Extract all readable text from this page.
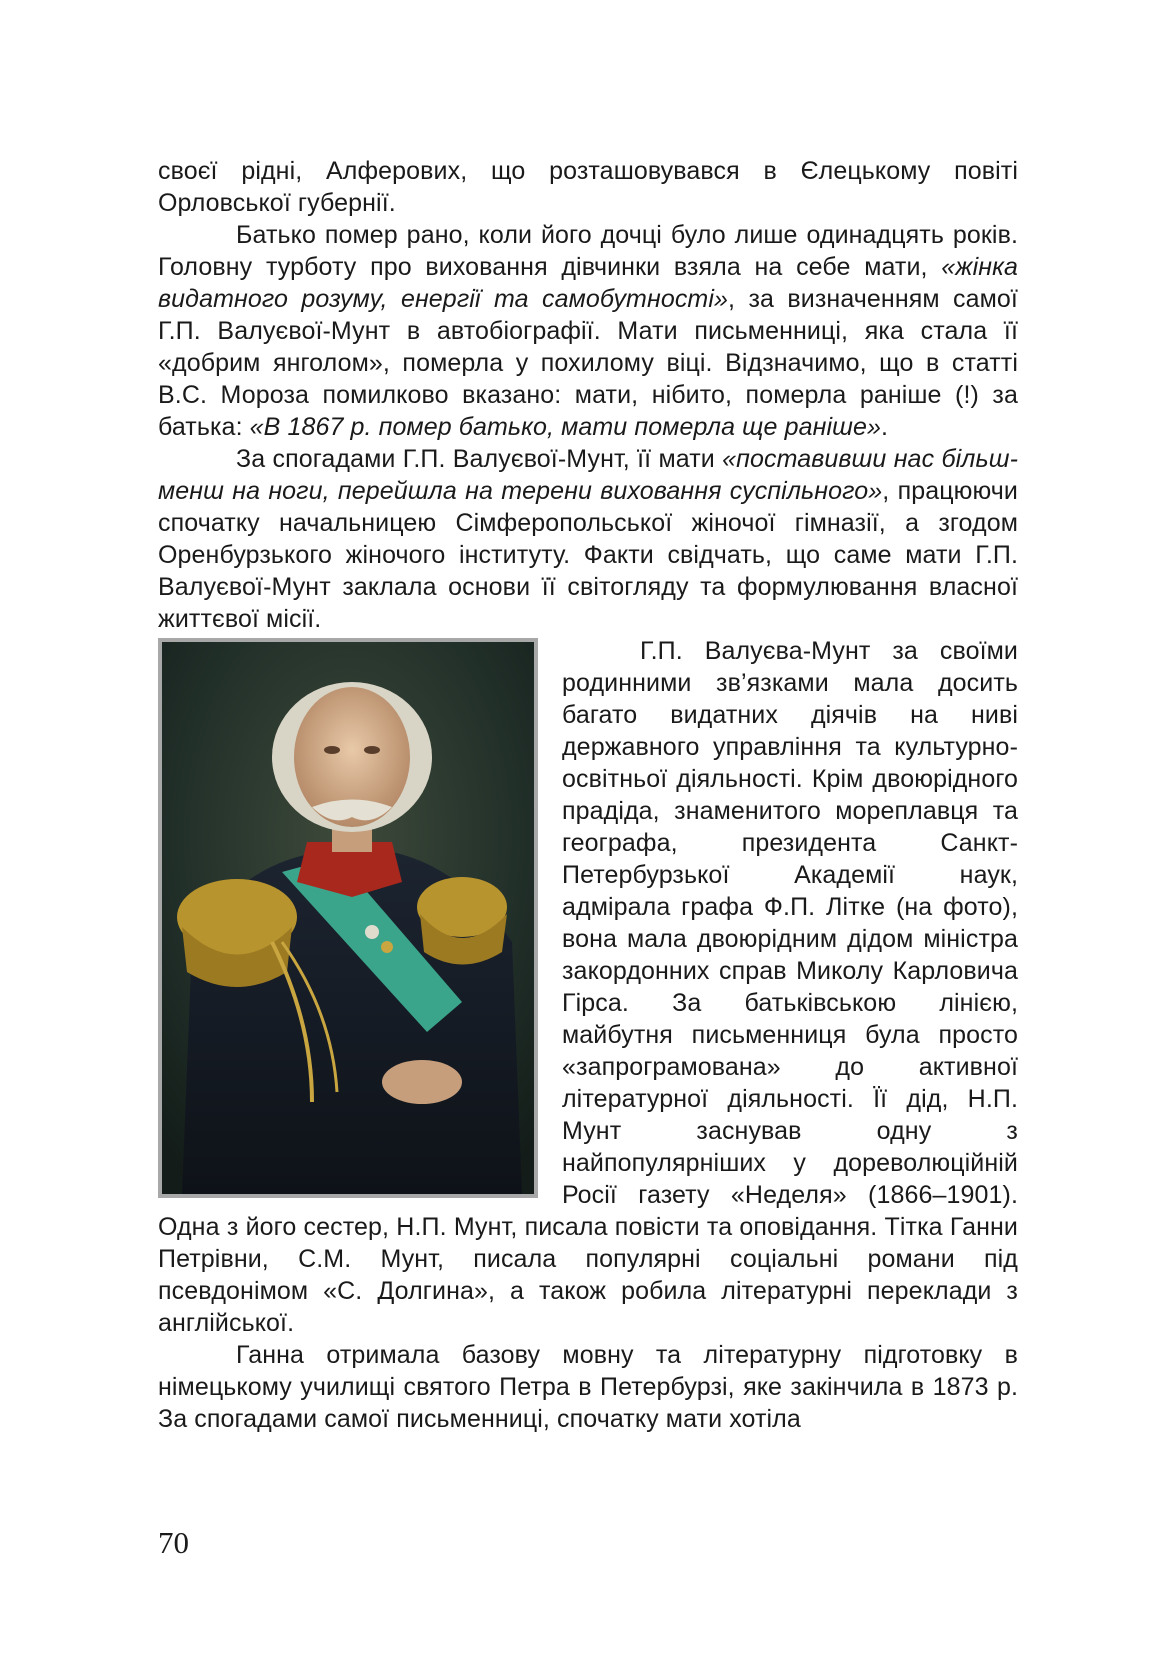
своєї рідні, Алферових, що розташовувався в Єлецькому повіті Орловської губернії.

Батько помер рано, коли його дочці було лише одинадцять років. Головну турботу про виховання дівчинки взяла на себе мати, «жінка видатного розуму, енергії та самобутності», за визначенням самої Г.П. Валуєвої-Мунт в автобіографії. Мати письменниці, яка стала її «добрим янголом», померла у похилому віці. Відзначимо, що в статті В.С. Мороза помилково вказано: мати, нібито, померла раніше (!) за батька: «В 1867 р. помер батько, мати померла ще раніше».

За спогадами Г.П. Валуєвої-Мунт, її мати «поставивши нас більш-менш на ноги, перейшла на терени виховання суспільного», працюючи спочатку начальницею Сімферопольської жіночої гімназії, а згодом Оренбурзького жіночого інституту. Факти свідчать, що саме мати Г.П. Валуєвої-Мунт заклала основи її світогляду та формулювання власної життєвої місії.

Г.П. Валуєва-Мунт за своїми родинними зв’язками мала досить багато видатних діячів на ниві державного управління та культурно-освітньої діяльності. Крім двоюрідного прадіда, знаменитого мореплавця та географа, президента Санкт-Петербурзької Академії наук, адмірала графа Ф.П. Літке (на фото), вона мала двоюрідним дідом міністра закордонних справ Миколу Карловича Гірса. За батьківською лінією, майбутня письменниця була просто «запрограмована» до активної літературної діяльності. Її дід, Н.П. Мунт заснував одну з найпопулярніших у дореволюційній Росії газету «Неделя» (1866–1901). Одна з його сестер, Н.П. Мунт, писала повісти та оповідання. Тітка Ганни Петрівни, С.М. Мунт, писала популярні соціальні романи під псевдонімом «С. Долгина», а також робила літературні переклади з англійської.

Ганна отримала базову мовну та літературну підготовку в німецькому училищі святого Петра в Петербурзі, яке закінчила в 1873 р. За спогадами самої письменниці, спочатку мати хотіла

70
